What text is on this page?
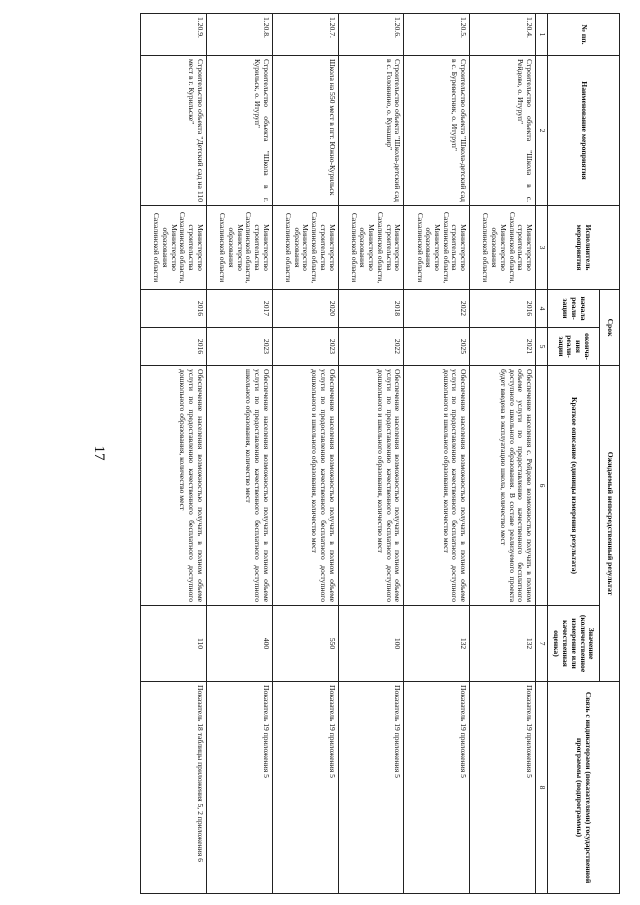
17
№ пп.	Наименование мероприятия	Исполнитель мероприятия	Срок		Ожидаемый непосредственный результат		Связь с индикаторами (показателями) государственной программы (подпрограммы)
			начала реали- зации	оконча- ния реали- зации	Краткое описание (единицы измерения результата)	Значение (количественное измерение или качественная оценка)	
1	2	3	4	5	6	7	8
1.20.4.	Строительство объекта "Школа в с. Рейдово, о. Итуруп"	Министерство строительства Сахалинской области, Министерство образования Сахалинской области	2016	2021	Обеспечение населения с. Рейдово возможностью получать в полном объеме услуги по предоставлению качественного бесплатного доступного школьного образования. В составе реализуемого проекта будет введена в эксплуатацию школа, количество мест	132	Показатель 19 приложения 5
1.20.5.	Строительство объекта "Школа-детский сад в с. Буревестник, о. Итуруп"	Министерство строительства Сахалинской области, Министерство образования Сахалинской области	2022	2025	Обеспечение населения возможностью получать в полном объеме услуги по предоставлению качественного бесплатного доступного дошкольного и школьного образования, количество мест	132	Показатель 19 приложения 5
1.20.6.	Строительство объекта "Школа-детский сад в с. Головнино, о. Кунашир"	Министерство строительства Сахалинской области, Министерство образования Сахалинской области	2018	2022	Обеспечение населения возможностью получать в полном объеме услуги по предоставлению качественного бесплатного доступного дошкольного и школьного образования, количество мест	100	Показатель 19 приложения 5
1.20.7.	Школа на 550 мест в пгт. Южно-Курильск	Министерство строительства Сахалинской области, Министерство образования Сахалинской области	2020	2023	Обеспечение населения возможностью получать в полном объеме услуги по предоставлению качественного бесплатного доступного дошкольного и школьного образования, количество мест	550	Показатель 19 приложения 5
1.20.8.	Строительство объекта "Школа в г. Курильск, о. Итуруп"	Министерство строительства Сахалинской области, Министерство образования Сахалинской области	2017	2023	Обеспечение населения возможностью получать в полном объеме услуги по предоставлению качественного бесплатного доступного школьного образования, количество мест	400	Показатель 19 приложения 5
1.20.9.	Строительство объекта "Детский сад на 110 мест в г. Курильске"	Министерство строительства Сахалинской области, Министерство образования Сахалинской области	2016	2016	Обеспечение населения возможностью получать в полном объеме услуги по предоставлению качественного бесплатного доступного дошкольного образования, количество мест	110	Показатель 18 таблицы приложения 5, 2 приложения 6
